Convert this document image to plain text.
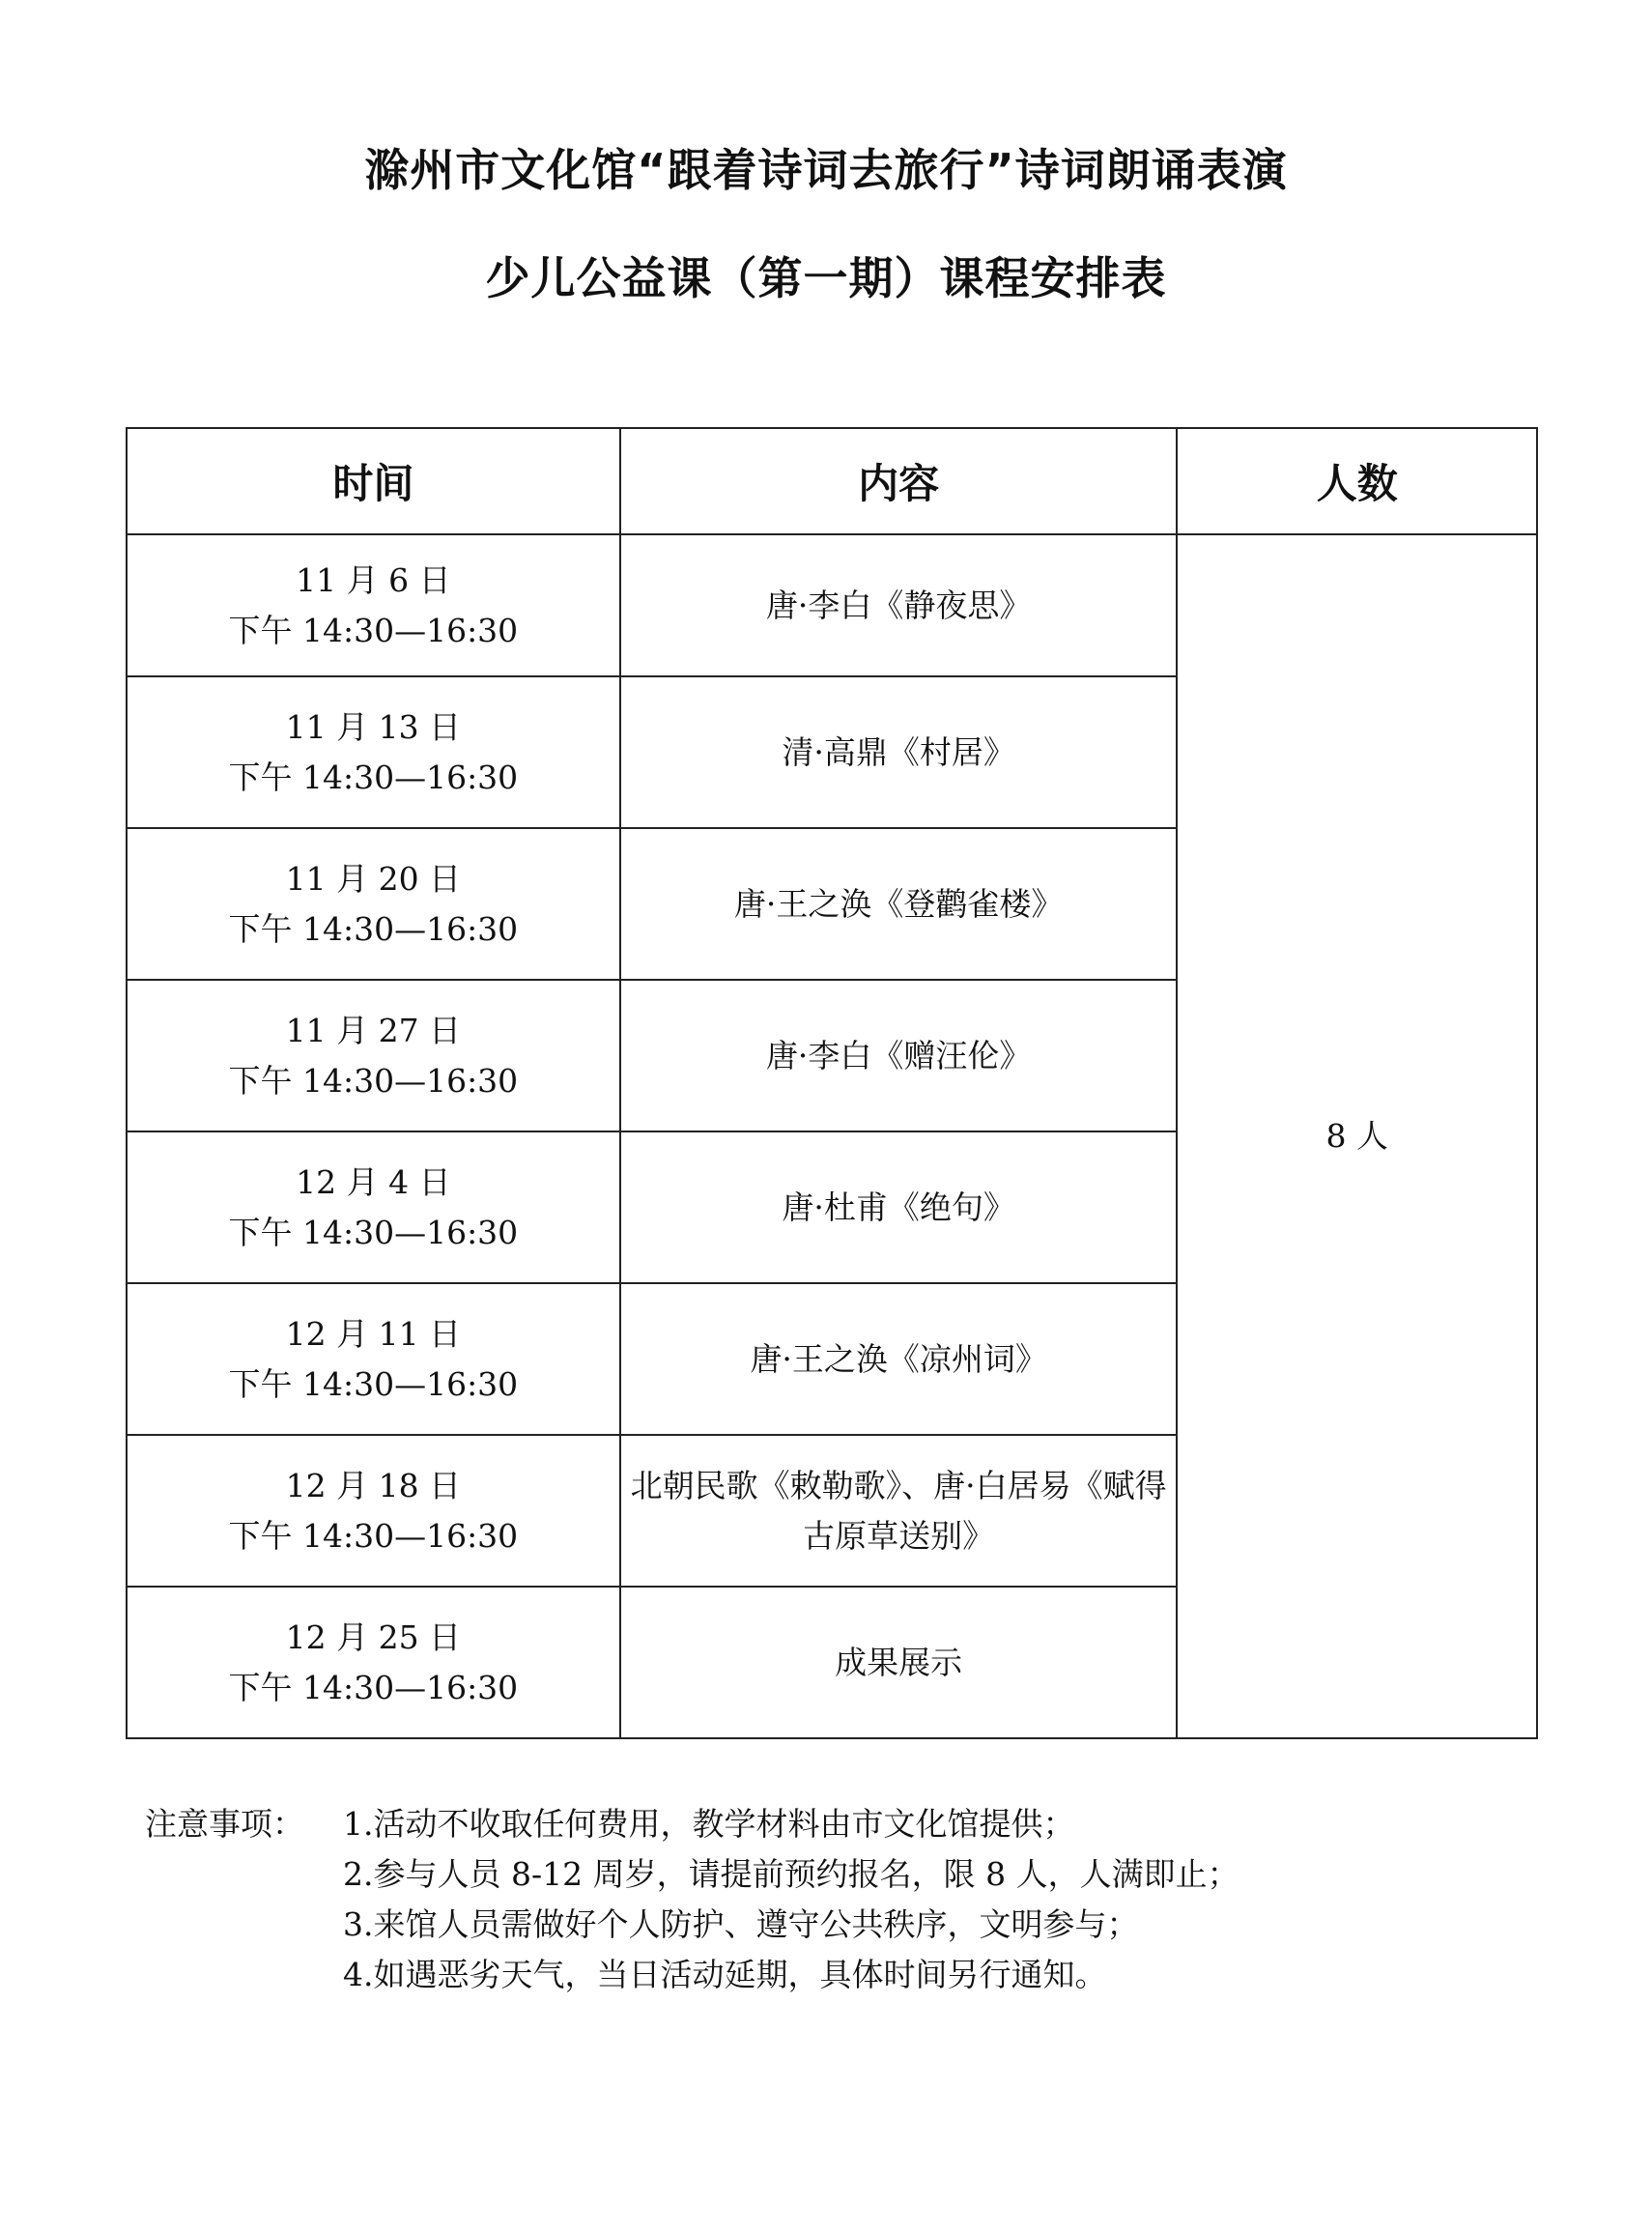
滁州市文化馆“跟着诗词去旅行”诗词朗诵表演
少儿公益课（第一期）课程安排表
时间	内容	人数

11 月 6 日
下午 14:30—16:30	唐·李白《静夜思》	8 人

11 月 13 日
下午 14:30—16:30	清·高鼎《村居》	

11 月 20 日
下午 14:30—16:30	唐·王之涣《登鹳雀楼》	

11 月 27 日
下午 14:30—16:30	唐·李白《赠汪伦》	

12 月 4 日
下午 14:30—16:30	唐·杜甫《绝句》	

12 月 11 日
下午 14:30—16:30	唐·王之涣《凉州词》	

12 月 18 日
下午 14:30—16:30	北朝民歌《敕勒歌》、唐·白居易《赋得古原草送别》	

12 月 25 日
下午 14:30—16:30	成果展示	
注意事项：	1.活动不收取任何费用，教学材料由市文化馆提供；
2.参与人员 8-12 周岁，请提前预约报名，限 8 人，人满即止；
3.来馆人员需做好个人防护、遵守公共秩序，文明参与；
4.如遇恶劣天气，当日活动延期，具体时间另行通知。
